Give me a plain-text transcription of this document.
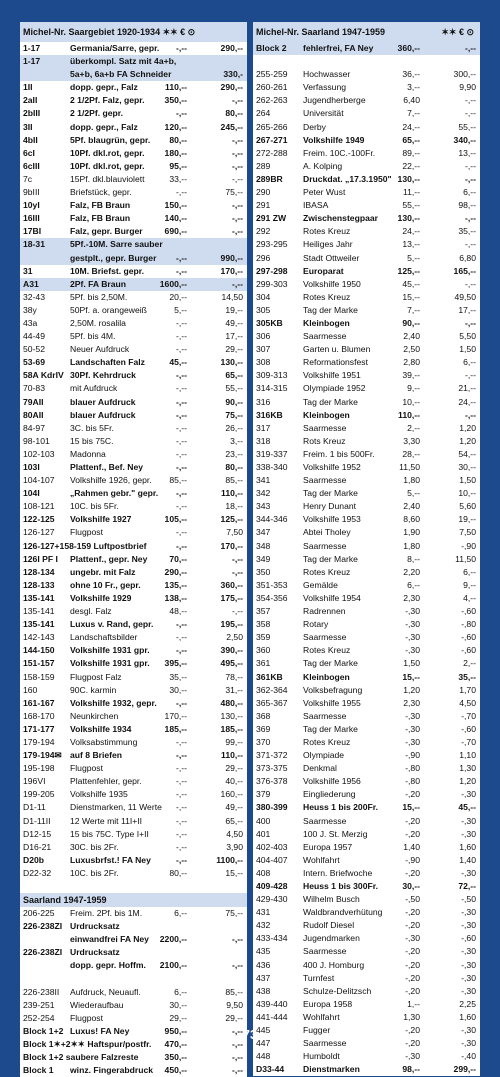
Michel-Nr. Saargebiet 1920-1934 ✶✶ € ⊙
1-17	Germania/Sarre, gepr. -,--	290,--
1-17	überkompl. Satz mit 4a+b,
5a+b, 6a+b FA Schneider	330,-
1II	dopp. gepr., Falz	110,--	290,--
2aII	2 1/2Pf. Falz, gepr. 350,--	-,--
2bIII	2 1/2Pf. gepr.	-,--	80,--
3II	dopp. gepr., Falz	120,--	245,--
4bII	5Pf. blaugrün, gepr. 80,--	-,--
6cI	10Pf. dkl.rot, gepr. 180,--	-,--
6cIII	10Pf. dkl.rot, gepr.	95,--	-,--
7c	15Pf. dkl.blauviolett	33,--	-,--
9bIII	Briefstück, gepr.	-,--	75,--
10yI	Falz, FB Braun	150,--	-,--
16III	Falz, FB Braun	140,--	-,--
17BI	Falz, gepr. Burger	690,--	-,--
18-31	5Pf.-10M. Sarre sauber
gestplt., gepr. Burger -,--	990,--
31	10M. Briefst. gepr.	-,--	170,--
A31	2Pf. FA Braun	1600,--	-,--
32-43	5Pf. bis 2,50M.	20,--	14,50
38y	50Pf. a. orangeweiß	5,--	19,--
43a	2,50M. rosalila	-,--	49,--
44-49	5Pf. bis 4M.	-,--	17,--
50-52	Neuer Aufdruck	-,--	29,--
53-69	Landschaften Falz	45,--	130,--
58A KdrIV 30Pf. Kehrdruck	-,--	65,--
70-83	mit Aufdruck	-,--	55,--
79AII	blauer Aufdruck	-,--	90,--
80AII	blauer Aufdruck	-,--	75,--
84-97	3C. bis 5Fr.	-,--	26,--
98-101 15 bis 75C.	-,--	3,--
102-103 Madonna	-,--	23,--
103I	Plattenf., Bef. Ney	-,--	80,--
104-107 Volkshilfe 1926, gepr. 85,--	85,--
104I	„Rahmen gebr." gepr. -,--	110,--
108-121 10C. bis 5Fr.	-,--	18,--
122-125 Volkshilfe 1927	105,--	125,--
126-127 Flugpost	-,--	7,50
126-127+158-159 Luftpostbrief	-,--	170,--
126I PF I Plattenf., gepr. Ney	70,--	-,--
128-134 ungebr. mit Falz	290,--	-,--
128-133 ohne 10 Fr., gepr.	135,--	360,--
135-141 Volkshilfe 1929	138,--	175,--
135-141 desgl. Falz	48,--	-,--
135-141 Luxus v. Rand, gepr.	-,--	195,--
142-143 Landschaftsbilder	-,--	2,50
144-150 Volkshilfe 1931 gpr.	-,--	390,--
151-157 Volkshilfe 1931 gpr. 395,--	495,--
158-159 Flugpost Falz	35,--	78,--
160	90C. karmin	30,--	31,--
161-167 Volkshilfe 1932, gepr. -,--	480,--
168-170 Neunkirchen	170,--	130,--
171-177 Volkshilfe 1934	185,--	185,--
179-194 Volksabstimmung	-,--	99,--
179-194✉ auf 8 Briefen	-,--	110,--
195-198 Flugpost	-,--	29,--
196VI	Plattenfehler, gepr.	-,--	40,--
199-205 Volkshilfe 1935	-,--	160,--
D1-11	Dienstmarken, 11 Werte -,--	49,--
D1-11II 12 Werte mit 11I+II	-,--	65,--
D12-15 15 bis 75C. Type I+II	-,--	4,50
D16-21 30C. bis 2Fr.	-,--	3,90
D20b	Luxusbrfst.! FA Ney	-,--	1100,--
D22-32 10C. bis 2Fr.	80,--	15,--
Saarland 1947-1959
206-225 Freim. 2Pf. bis 1M.	6,--	75,--
226-238ZI Urdrucksatz
einwandfrei FA Ney 2200,--	-,--
226-238ZI Urdrucksatz
dopp. gepr. Hoffm. 2100,--	-,--
226-238II Aufdruck, Neuaufl.	6,--	85,--
239-251 Wiederaufbau	30,--	9,50
252-254 Flugpost	29,--	29,--
Block 1+2 Luxus! FA Ney	950,--	-,--
Block 1✶+2✶✶ Haftspur/postfr. 470,--	-,--
Block 1+2 saubere Falzreste	350,--	-,--
Block 1 winz. Fingerabdruck 450,--	-,--
Michel-Nr. Saarland 1947-1959	✶✶ € ⊙
Block 2 fehlerfrei, FA Ney	360,--	-,--
255-259 Hochwasser	36,--	300,--
260-261 Verfassung	3,--	9,90
262-263 Jugendherberge	6,40	-,--
264	Universität	7,--	-,--
265-266 Derby	24,--	55,--
267-271 Volkshilfe 1949	65,--	340,--
272-288 Freim. 10C.-100Fr.	89,--	13,--
289	A. Kolping	22,--	-,--
289BR Druckdat. „17.3.1950" 130,--	-,--
290	Peter Wust	11,--	6,--
291	IBASA	55,--	98,--
291 ZW Zwischenstegpaar 130,--	-,--
292	Rotes Kreuz	24,--	35,--
293-295 Heiliges Jahr	13,--	-,--
296	Stadt Ottweiler	5,--	6,80
297-298 Europarat	125,--	165,--
299-303 Volkshilfe 1950	45,--	-,--
304	Rotes Kreuz	15,--	49,50
305	Tag der Marke	7,--	17,--
305KB Kleinbogen	90,--	-,--
306	Saarmesse	2,40	5,50
307	Garten u. Blumen	2,50	1,50
308	Reformationsfest	2,80	6,--
309-313 Volkshilfe 1951	39,--	-,--
314-315 Olympiade 1952	9,--	21,--
316	Tag der Marke	10,--	24,--
316KB Kleinbogen	110,--	-,--
317	Saarmesse	2,--	1,20
318	Rots Kreuz	3,30	1,20
319-337 Freim. 1 bis 500Fr.	28,--	54,--
338-340 Volkshilfe 1952	11,50	30,--
341	Saarmesse	1,80	1,50
342	Tag der Marke	5,--	10,--
343	Henry Dunant	2,40	5,60
344-346 Volkshilfe 1953	8,60	19,--
347	Abtei Tholey	1,90	7,50
348	Saarmesse	1,80	-,90
349	Tag der Marke	8,--	11,50
350	Rotes Kreuz	2,20	6,--
351-353 Gemälde	6,--	9,--
354-356 Volkshilfe 1954	2,30	4,--
357	Radrennen	-,30	-,60
358	Rotary	-,30	-,80
359	Saarmesse	-,30	-,60
360	Rotes Kreuz	-,30	-,60
361	Tag der Marke	1,50	2,--
361KB Kleinbogen	15,--	35,--
362-364 Volksbefragung	1,20	1,70
365-367 Volkshilfe 1955	2,30	4,50
368	Saarmesse	-,30	-,70
369	Tag der Marke	-,30	-,60
370	Rotes Kreuz	-,30	-,70
371-372 Olympiade	-,90	1,10
373-375 Denkmal	-,80	1,30
376-378 Volkshilfe 1956	-,80	1,20
379	Eingliederung	-,20	-,30
380-399 Heuss 1 bis 200Fr.	15,--	45,--
400	Saarmesse	-,20	-,30
401	100 J. St. Merzig	-,20	-,30
402-403 Europa 1957	1,40	1,60
404-407 Wohlfahrt	-,90	1,40
408	Intern. Briefwoche	-,20	-,30
409-428 Heuss 1 bis 300Fr.	30,--	72,--
429-430 Wilhelm Busch	-,50	-,50
431	Waldbrandverhütung	-,20	-,30
432	Rudolf Diesel	-,20	-,30
433-434 Jugendmarken	-,30	-,60
435	Saarmesse	-,20	-,30
436	400 J. Homburg	-,20	-,30
437	Turnfest	-,20	-,30
438	Schulze-Delitzsch	-,20	-,30
439-440 Europa 1958	1,--	2,25
441-444 Wohlfahrt	1,30	1,60
445	Fugger	-,20	-,30
447	Saarmesse	-,20	-,30
448	Humboldt	-,30	-,40
D33-44 Dienstmarken	98,--	299,--
73
